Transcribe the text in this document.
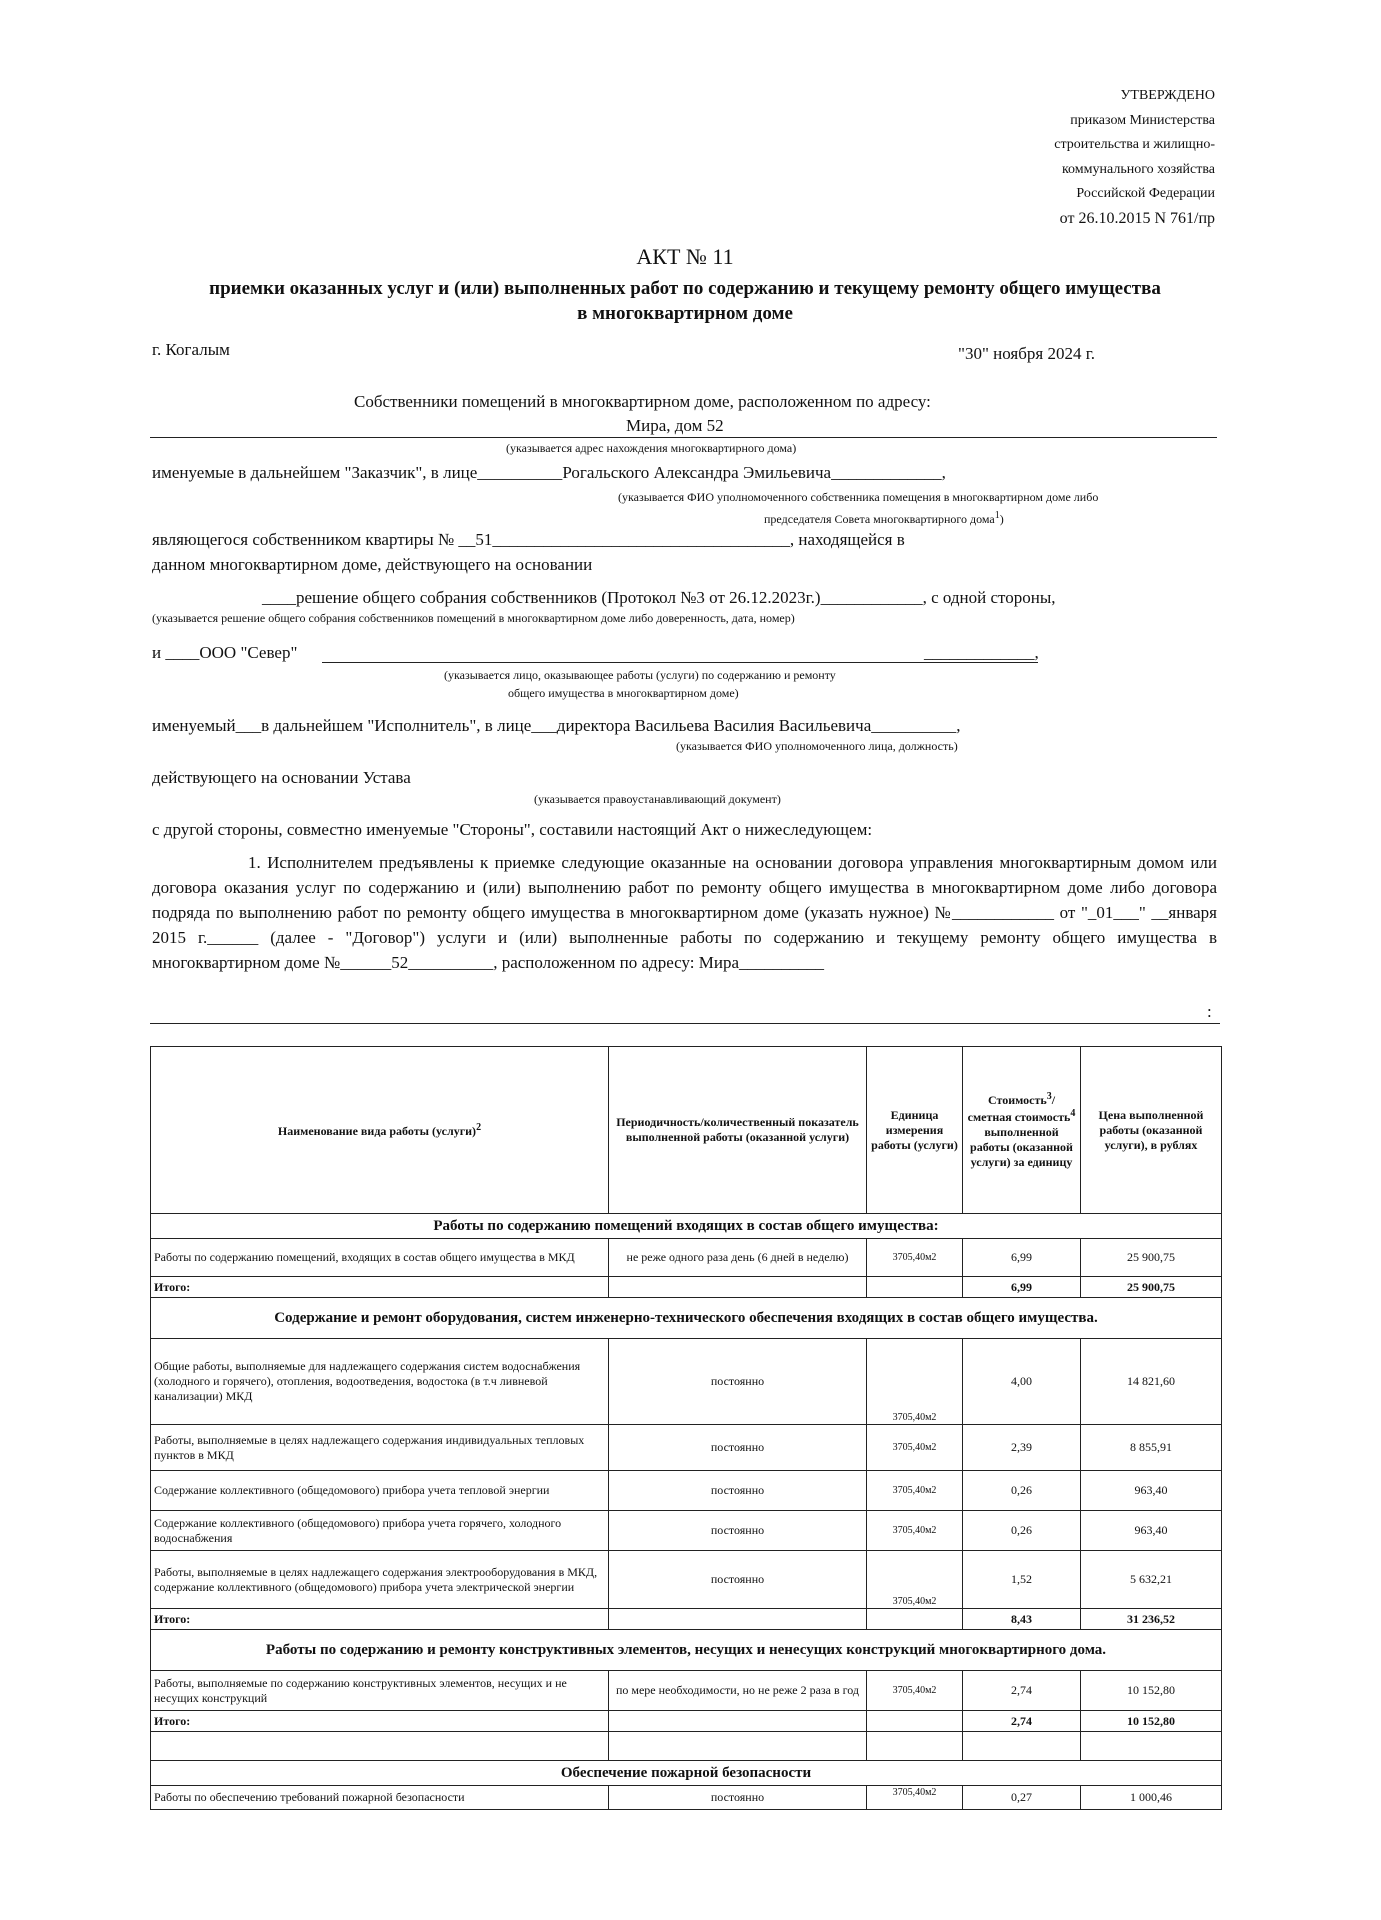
УТВЕРЖДЕНО
приказом Министерства
строительства и жилищно-
коммунального хозяйства
Российской Федерации
от 26.10.2015 N 761/пр
АКТ № 11
приемки оказанных услуг и (или) выполненных работ по содержанию и текущему ремонту общего имущества
в многоквартирном доме
г. Когалым	"30" ноября 2024 г.
Собственники помещений в многоквартирном доме, расположенном по адресу:
Мира, дом 52
(указывается адрес нахождения многоквартирного дома)
именуемые в дальнейшем "Заказчик", в лице__________Рогальского Александра Эмильевича_____________,
(указывается ФИО уполномоченного собственника помещения в многоквартирном доме либо
председателя Совета многоквартирного дома$^1$)
являющегося собственником квартиры № __51___________________________________, находящейся в
данном многоквартирном доме, действующего на основании
____решение общего собрания собственников (Протокол №3 от 26.12.2023г.)____________, с одной стороны,
(указывается решение общего собрания собственников помещений в многоквартирном доме либо доверенность, дата, номер)
и ____ООО "Север"	_____________,
(указывается лицо, оказывающее работы (услуги) по содержанию и ремонту
общего имущества в многоквартирном доме)
именуемый___в дальнейшем "Исполнитель", в лице___директора Васильева Василия Васильевича__________,
(указывается ФИО уполномоченного лица, должность)
действующего на основании Устава
(указывается правоустанавливающий документ)
с другой стороны, совместно именуемые "Стороны", составили настоящий Акт о нижеследующем:
1. Исполнителем предъявлены к приемке следующие оказанные на основании договора управления многоквартирным домом или договора оказания услуг по содержанию и (или) выполнению работ по ремонту общего имущества в многоквартирном доме либо договора подряда по выполнению работ по ремонту общего имущества в многоквартирном доме (указать нужное) №____________ от "_01___" __января 2015 г.______ (далее - "Договор") услуги и (или) выполненные работы по содержанию и текущему ремонту общего имущества в многоквартирном доме №______52__________, расположенном по адресу: Мира__________
:
Наименование вида работы (услуги)$^2$	Периодичность/количественный показатель выполненной работы (оказанной услуги)	Единица измерения работы (услуги)	Стоимость$^3$/сметная стоимость$^4$ выполненной работы (оказанной услуги) за единицу	Цена выполненной работы (оказанной услуги), в рублях
Работы по содержанию помещений входящих в состав общего имущества:				
Работы по содержанию помещений, входящих в состав общего имущества в МКД	не реже одного раза день (6 дней в неделю)	3705,40м2	6,99	25 900,75
Итого:			6,99	25 900,75
Содержание и ремонт оборудования, систем инженерно-технического обеспечения входящих в состав общего имущества.				
Общие работы, выполняемые для надлежащего содержания систем водоснабжения (холодного и горячего), отопления, водоотведения, водостока (в т.ч ливневой канализации) МКД	постоянно	3705,40м2	4,00	14 821,60
Работы, выполняемые в целях надлежащего содержания индивидуальных тепловых пунктов в МКД	постоянно	3705,40м2	2,39	8 855,91
Содержание коллективного (общедомового) прибора учета тепловой энергии	постоянно	3705,40м2	0,26	963,40
Содержание коллективного (общедомового) прибора учета горячего, холодного водоснабжения	постоянно	3705,40м2	0,26	963,40
Работы, выполняемые в целях надлежащего содержания электрооборудования в МКД, содержание коллективного (общедомового) прибора учета электрической энергии	постоянно	3705,40м2	1,52	5 632,21
Итого:			8,43	31 236,52
Работы по содержанию и ремонту конструктивных элементов, несущих и ненесущих конструкций многоквартирного дома.				
Работы, выполняемые по содержанию конструктивных элементов, несущих и не несущих конструкций	по мере необходимости, но не реже 2 раза в год	3705,40м2	2,74	10 152,80
Итого:			2,74	10 152,80

Обеспечение пожарной безопасности				
Работы по обеспечению требований пожарной безопасности	постоянно	3705,40м2	0,27	1 000,46
